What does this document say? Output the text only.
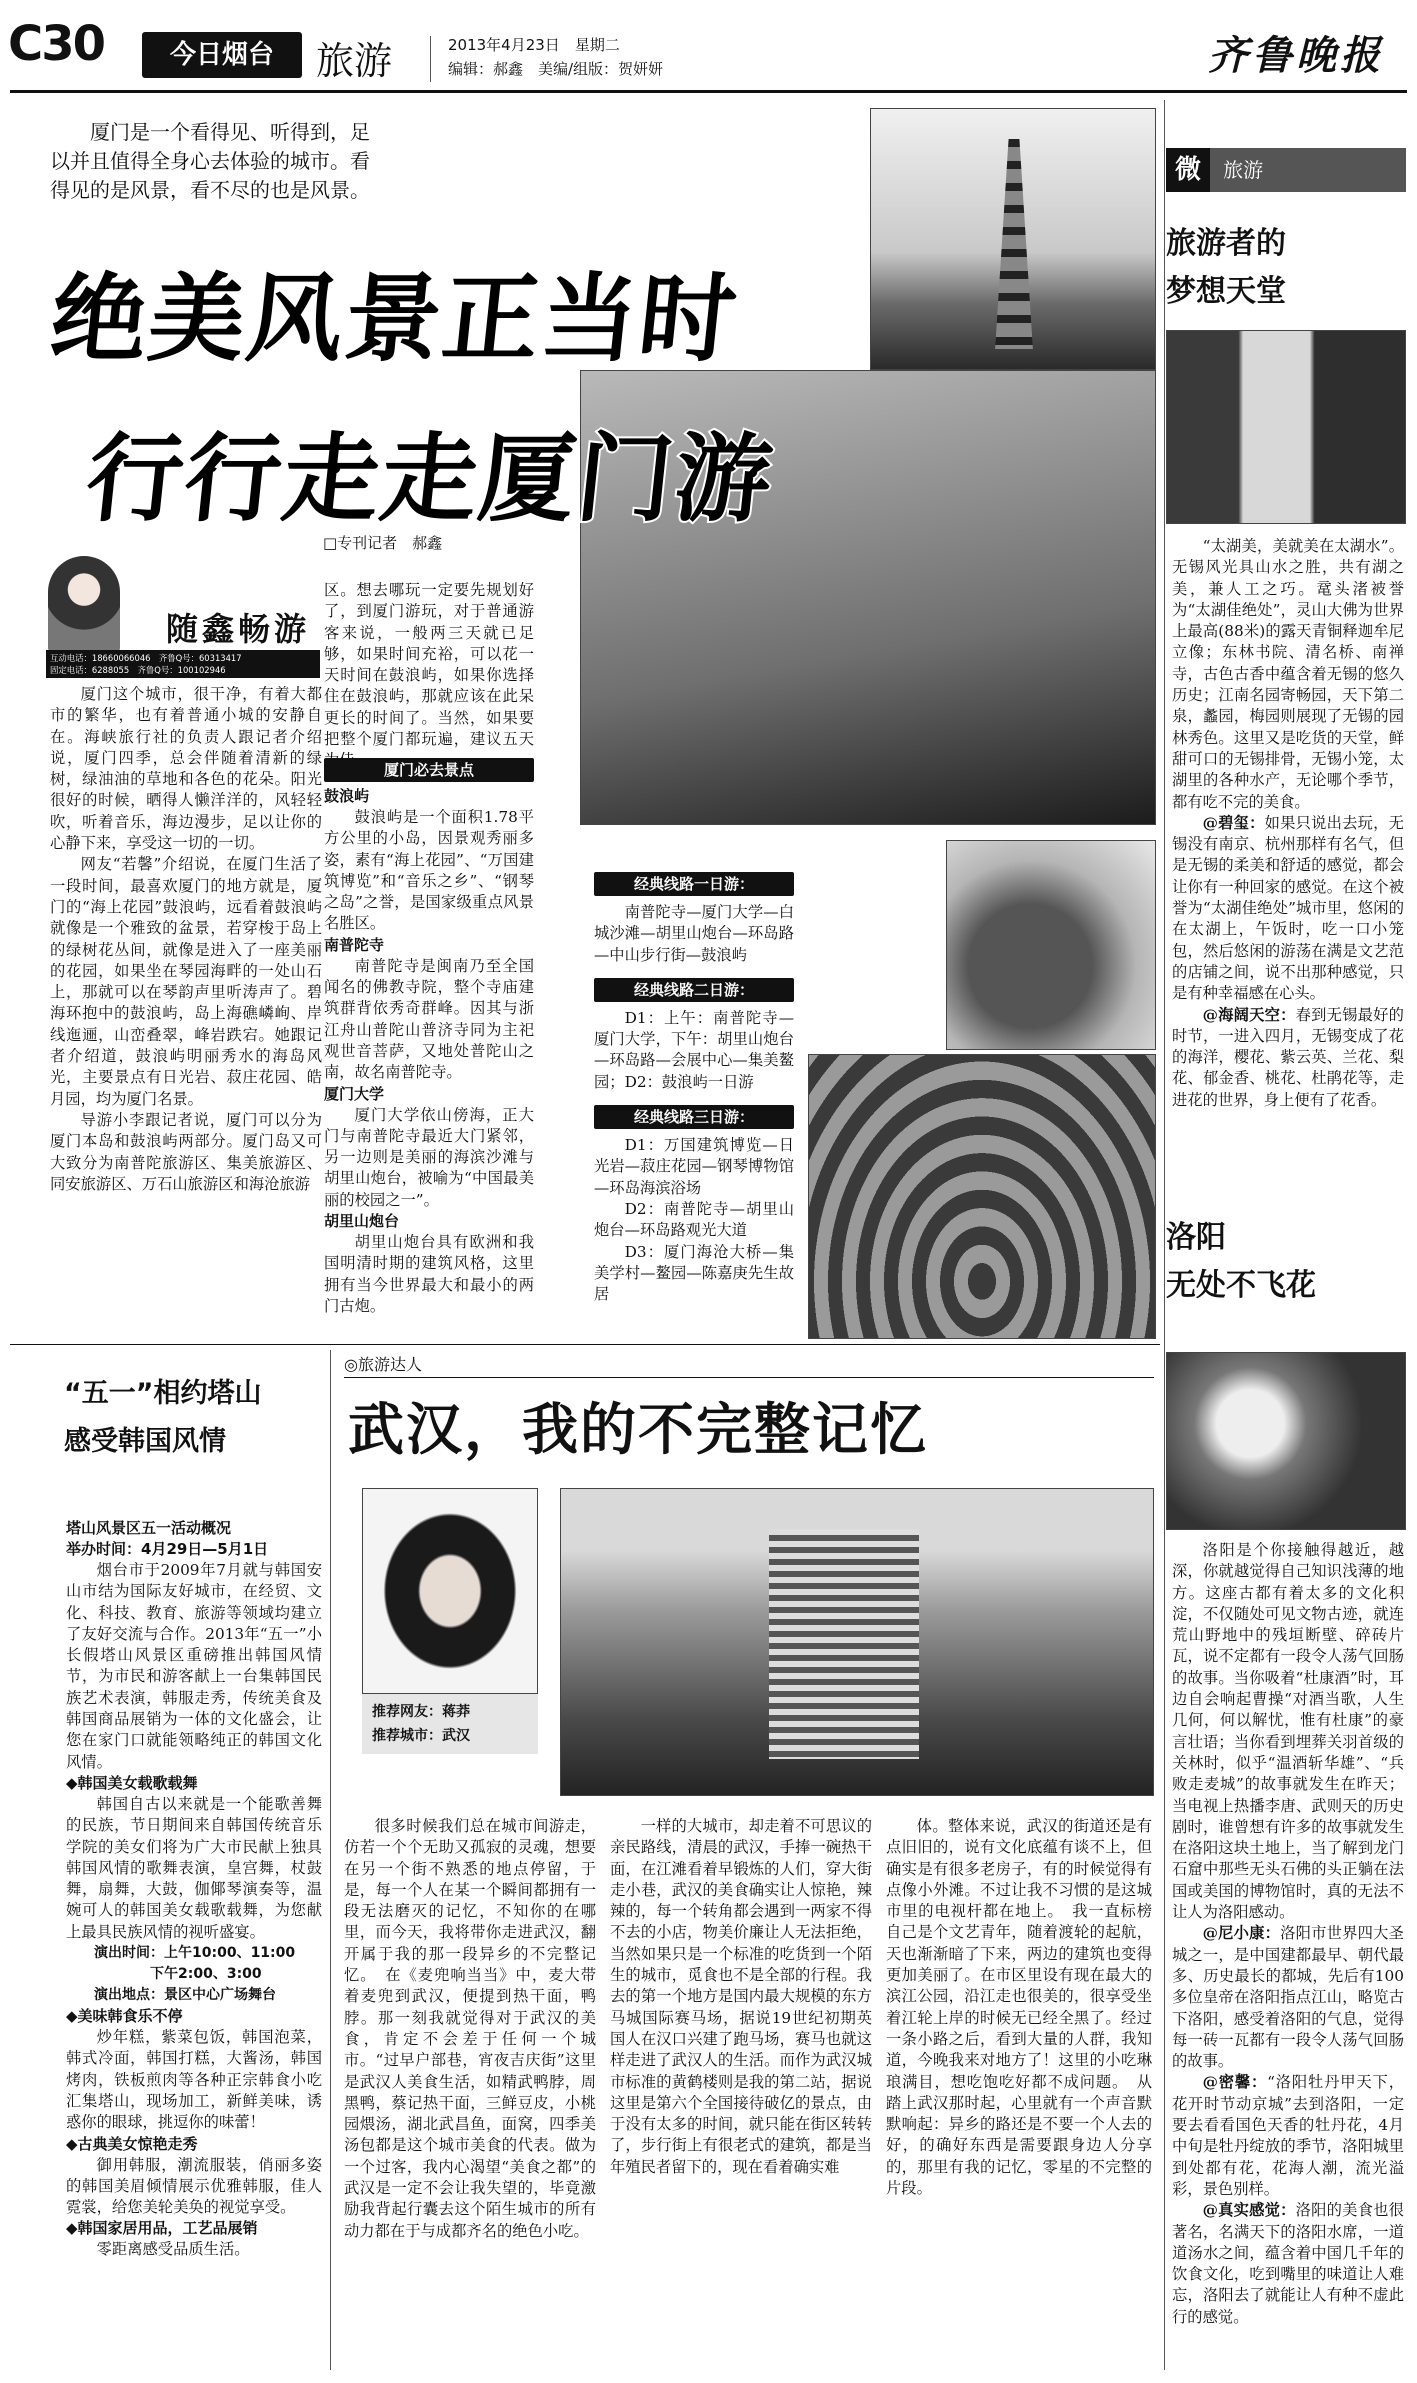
C30	今日烟台	旅游	2013年4月23日　 星期二
编辑：郝鑫　美编/组版：贺妍妍	齐鲁晚报
厦门是一个看得见、听得到，足以并且值得全身心去体验的城市。看得见的是风景，看不尽的也是风景。
绝美风景正当时
行行走走厦门游
□专刊记者　郝鑫
随鑫畅游
互动电话：18660066046　齐鲁Q号：60313417
固定电话：6288055　齐鲁Q号：100102946

厦门这个城市，很干净，有着大都市的繁华，也有着普通小城的安静自在。海峡旅行社的负责人跟记者介绍说，厦门四季，总会伴随着清新的绿树，绿油油的草地和各色的花朵。阳光很好的时候，晒得人懒洋洋的，风轻轻吹，听着音乐，海边漫步，足以让你的心静下来，享受这一切的一切。

网友“若馨”介绍说，在厦门生活了一段时间，最喜欢厦门的地方就是，厦门的“海上花园”鼓浪屿，远看着鼓浪屿就像是一个雅致的盆景，若穿梭于岛上的绿树花丛间，就像是进入了一座美丽的花园，如果坐在琴园海畔的一处山石上，那就可以在琴韵声里听涛声了。碧海环抱中的鼓浪屿，岛上海礁嶙峋、岸线迤逦，山峦叠翠，峰岩跌宕。她跟记者介绍道，鼓浪屿明丽秀水的海岛风光，主要景点有日光岩、菽庄花园、皓月园，均为厦门名景。

导游小李跟记者说，厦门可以分为厦门本岛和鼓浪屿两部分。厦门岛又可大致分为南普陀旅游区、集美旅游区、同安旅游区、万石山旅游区和海沧旅游

区。想去哪玩一定要先规划好了，到厦门游玩，对于普通游客来说，一般两三天就已足够，如果时间充裕，可以花一天时间在鼓浪屿，如果你选择住在鼓浪屿，那就应该在此呆更长的时间了。当然，如果要把整个厦门都玩遍，建议五天
厦门必去景点
鼓浪屿
鼓浪屿是一个面积1.78平方公里的小岛，因景观秀丽多姿，素有“海上花园”、“万国建筑博览”和“音乐之乡”、“钢琴之岛”之誉，是国家级重点风景名胜区。
南普陀寺
南普陀寺是闽南乃至全国闻名的佛教寺院，整个寺庙建筑群背依秀奇群峰。因其与浙江舟山普陀山普济寺同为主祀观世音菩萨，又地处普陀山之南，故名南普陀寺。
厦门大学
厦门大学依山傍海，正大门与南普陀寺最近大门紧邻，另一边则是美丽的海滨沙滩与胡里山炮台，被喻为“中国最美丽的校园之一”。
胡里山炮台
胡里山炮台具有欧洲和我国明清时期的建筑风格，这里拥有当今世界最大和最小的两门古炮。
经典线路一日游：
南普陀寺—厦门大学—白城沙滩—胡里山炮台—环岛路—中山步行街—鼓浪屿
经典线路二日游：
D1：上午：南普陀寺—厦门大学，下午：胡里山炮台—环岛路—会展中心—集美鳌园；D2：鼓浪屿一日游
经典线路三日游：
D1：万国建筑博览—日光岩—菽庄花园—钢琴博物馆—环岛海滨浴场
D2：南普陀寺—胡里山炮台—环岛路观光大道
D3：厦门海沧大桥—集美学村—鳌园—陈嘉庚先生故居
微 旅游
旅游者的
梦想天堂

“太湖美，美就美在太湖水”。无锡风光具山水之胜，共有湖之美，兼人工之巧。鼋头渚被誉为“太湖佳绝处”，灵山大佛为世界上最高(88米)的露天青铜释迦牟尼立像；东林书院、清名桥、南禅寺，古色古香中蕴含着无锡的悠久历史；江南名园寄畅园，天下第二泉，蠡园，梅园则展现了无锡的园林秀色。这里又是吃货的天堂，鲜甜可口的无锡排骨，无锡小笼，太湖里的各种水产，无论哪个季节，都有吃不完的美食。

@碧玺：如果只说出去玩，无锡没有南京、杭州那样有名气，但是无锡的柔美和舒适的感觉，都会让你有一种回家的感觉。在这个被誉为“太湖佳绝处”城市里，悠闲的在太湖上，午饭时，吃一口小笼包，然后悠闲的游荡在满是文艺范的店铺之间，说不出那种感觉，只是有种幸福感在心头。

@海阔天空：春到无锡最好的时节，一进入四月，无锡变成了花的海洋，樱花、紫云英、兰花、梨花、郁金香、桃花、杜鹃花等，走进花的世界，身上便有了花香。

洛阳
无处不飞花

洛阳是个你接触得越近，越深，你就越觉得自己知识浅薄的地方。这座古都有着太多的文化积淀，不仅随处可见文物古迹，就连荒山野地中的残垣断壁、碎砖片瓦，说不定都有一段令人荡气回肠的故事。当你吸着“杜康酒”时，耳边自会响起曹操“对酒当歌，人生几何，何以解忧，惟有杜康”的豪言壮语；当你看到埋葬关羽首级的关林时，似乎“温酒斩华雄”、“兵败走麦城”的故事就发生在昨天；当电视上热播李唐、武则天的历史剧时，谁曾想有许多的故事就发生在洛阳这块土地上，当了解到龙门石窟中那些无头石佛的头正躺在法国或美国的博物馆时，真的无法不让人为洛阳感动。

@尼小康：洛阳市世界四大圣城之一，是中国建都最早、朝代最多、历史最长的都城，先后有100多位皇帝在洛阳指点江山，略览古下洛阳，感受着洛阳的气息，觉得每一砖一瓦都有一段令人荡气回肠的故事。

@密馨：“洛阳牡丹甲天下，花开时节动京城”去到洛阳，一定要去看看国色天香的牡丹花，4月中旬是牡丹绽放的季节，洛阳城里到处都有花，花海人潮，流光溢彩，景色别样。

@真实感觉：洛阳的美食也很著名，名满天下的洛阳水席，一道道汤水之间，蕴含着中国几千年的饮食文化，吃到嘴里的味道让人难忘，洛阳去了就能让人有种不虚此行的感觉。

“五一”相约塔山
感受韩国风情
塔山风景区五一活动概况
举办时间：4月29日—5月1日
烟台市于2009年7月就与韩国安山市结为国际友好城市，在经贸、文化、科技、教育、旅游等领域均建立了友好交流与合作。2013年“五一”小长假塔山风景区重磅推出韩国风情节，为市民和游客献上一台集韩国民族艺术表演，韩服走秀，传统美食及韩国商品展销为一体的文化盛会，让您在家门口就能领略纯正的韩国文化风情。
◆韩国美女载歌载舞
韩国自古以来就是一个能歌善舞的民族，节日期间来自韩国传统音乐学院的美女们将为广大市民献上独具韩国风情的歌舞表演，皇宫舞，杖鼓舞，扇舞，大鼓，伽倻琴演奏等，温婉可人的韩国美女载歌载舞，为您献上最具民族风情的视听盛宴。
演出时间：上午10:00、11:00
下午2:00、3:00
演出地点：景区中心广场舞台
◆美味韩食乐不停
炒年糕，紫菜包饭，韩国泡菜，韩式冷面，韩国打糕，大酱汤，韩国烤肉，铁板煎肉等各种正宗韩食小吃汇集塔山，现场加工，新鲜美味，诱惑你的眼球，挑逗你的味蕾！
◆古典美女惊艳走秀
御用韩服，潮流服装，俏丽多姿的韩国美眉倾情展示优雅韩服，佳人霓裳，给您美轮美奂的视觉享受。
◆韩国家居用品，工艺品展销
零距离感受品质生活。
◎旅游达人
武汉，我的不完整记忆
推荐网友：蒋莽
推荐城市：武汉
很多时候我们总在城市间游走，仿若一个个无助又孤寂的灵魂，想要在另一个街不熟悉的地点停留，于是，每一个人在某一个瞬间都拥有一段无法磨灭的记忆，不知你的在哪里，而今天，我将带你走进武汉，翻开属于我的那一段异乡的不完整记忆。　在《麦兜响当当》中，麦大带着麦兜到武汉，便提到热干面，鸭脖。那一刻我就觉得对于武汉的美食，肯定不会差于任何一个城市。“过早户部巷，宵夜吉庆街”这里是武汉人美食生活，如精武鸭脖，周黑鸭，蔡记热干面，三鲜豆皮，小桃园煨汤，湖北武昌鱼，面窝，四季美汤包都是这个城市美食的代表。做为一个过客，我内心渴望“美食之都”的武汉是一定不会让我失望的，毕竟激励我背起行囊去这个陌生城市的所有动力都在于与成都齐名的绝色小吃。
一样的大城市，却走着不可思议的亲民路线，清晨的武汉，手捧一碗热干面，在江滩看着早锻炼的人们，穿大街走小巷，武汉的美食确实让人惊艳，辣辣的，每一个转角都会遇到一两家不得不去的小店，物美价廉让人无法拒绝，当然如果只是一个标准的吃货到一个陌生的城市，觅食也不是全部的行程。我去的第一个地方是国内最大规模的东方马城国际赛马场，据说19世纪初期英国人在汉口兴建了跑马场，赛马也就这样走进了武汉人的生活。而作为武汉城市标准的黄鹤楼则是我的第二站，据说这里是第六个全国接待破亿的景点，由于没有太多的时间，就只能在街区转转了，步行街上有很老式的建筑，都是当年殖民者留下的，现在看着确实难
体。整体来说，武汉的街道还是有点旧旧的，说有文化底蕴有谈不上，但确实是有很多老房子，有的时候觉得有点像小外滩。不过让我不习惯的是这城市里的电视杆都在地上。　我一直标榜自己是个文艺青年，随着渡轮的起航，天也渐渐暗了下来，两边的建筑也变得更加美丽了。在市区里设有现在最大的滨江公园，沿江走也很美的，很享受坐着江轮上岸的时候无已经全黑了。经过一条小路之后，看到大量的人群，我知道，今晚我来对地方了！这里的小吃琳琅满目，想吃饱吃好都不成问题。　从踏上武汉那时起，心里就有一个声音默默响起：异乡的路还是不要一个人去的好，的确好东西是需要跟身边人分享的，那里有我的记忆，零星的不完整的片段。
